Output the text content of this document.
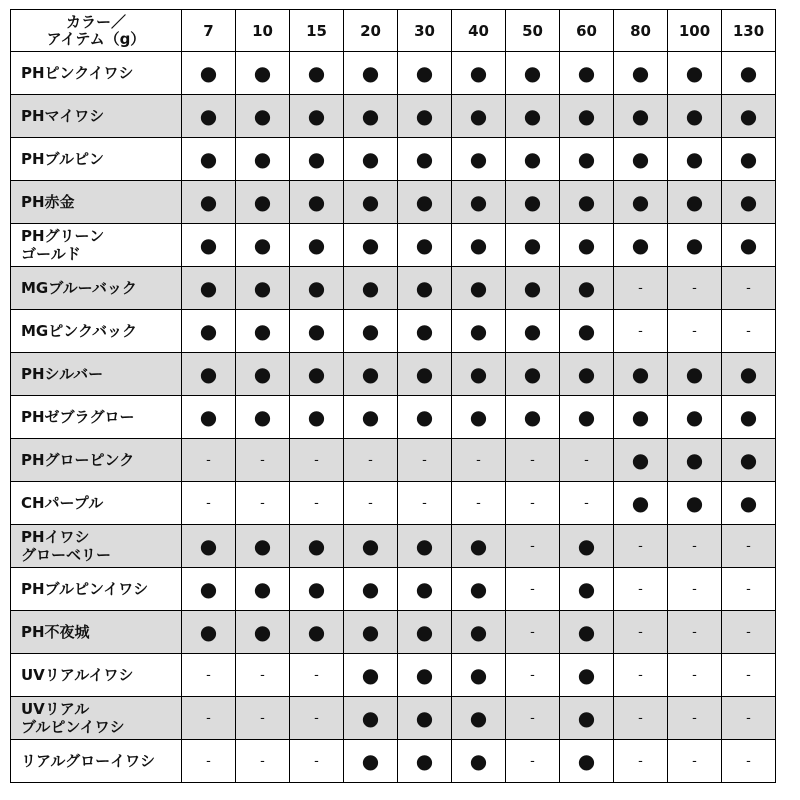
カラー／
アイテム（g）	7	10	15	20	30	40	50	60	80	100	130
PHピンクイワシ	●	●	●	●	●	●	●	●	●	●	●
PHマイワシ	●	●	●	●	●	●	●	●	●	●	●
PHブルピン	●	●	●	●	●	●	●	●	●	●	●
PH赤金	●	●	●	●	●	●	●	●	●	●	●
PHグリーン
ゴールド	●	●	●	●	●	●	●	●	●	●	●
MGブルーバック	●	●	●	●	●	●	●	●	-	-	-
MGピンクバック	●	●	●	●	●	●	●	●	-	-	-
PHシルバー	●	●	●	●	●	●	●	●	●	●	●
PHゼブラグロー	●	●	●	●	●	●	●	●	●	●	●
PHグローピンク	-	-	-	-	-	-	-	-	●	●	●
CHパープル	-	-	-	-	-	-	-	-	●	●	●
PHイワシ
グローベリー	●	●	●	●	●	●	-	●	-	-	-
PHブルピンイワシ	●	●	●	●	●	●	-	●	-	-	-
PH不夜城	●	●	●	●	●	●	-	●	-	-	-
UVリアルイワシ	-	-	-	●	●	●	-	●	-	-	-
UVリアル
ブルピンイワシ	-	-	-	●	●	●	-	●	-	-	-
リアルグローイワシ	-	-	-	●	●	●	-	●	-	-	-
